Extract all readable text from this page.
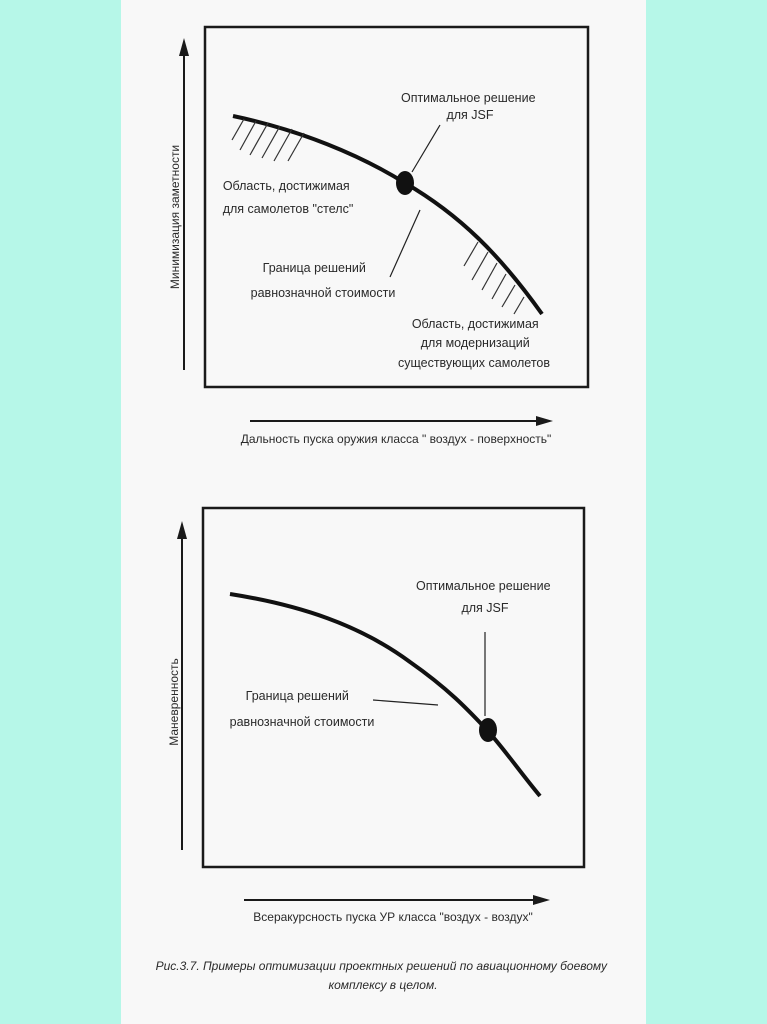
Минимизация заметности
Дальность пуска оружия класса " воздух - поверхность"
Оптимальное решение для JSF
Область, достижимая для самолетов "стелс"
Граница решений равнозначной стоимости
Область, достижимая для модернизаций существующих самолетов
Маневренность
Всеракурсность пуска УР класса "воздух - воздух"
Оптимальное решение для JSF
Граница решений равнозначной стоимости
Рис.3.7. Примеры оптимизации проектных решений по авиационному боевому комплексу в целом.
